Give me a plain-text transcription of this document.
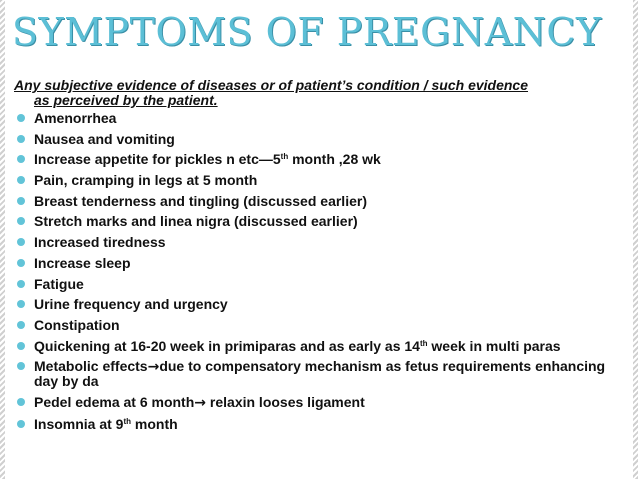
SYMPTOMS OF PREGNANCY
Any subjective evidence of diseases or of patient’s condition / such evidence
as perceived by the patient.
Amenorrhea
Nausea and vomiting
Increase appetite for pickles n etc—5th month ,28 wk
Pain, cramping in legs at 5 month
Breast tenderness and tingling (discussed earlier)
Stretch marks and linea nigra (discussed earlier)
Increased tiredness
Increase sleep
Fatigue
Urine frequency and urgency
Constipation
Quickening at 16-20 week in primiparas and as early as 14th week in multi paras
Metabolic effects→due to compensatory mechanism as fetus requirements enhancing day by da
Pedel edema at 6 month→ relaxin looses ligament
Insomnia at 9th month
